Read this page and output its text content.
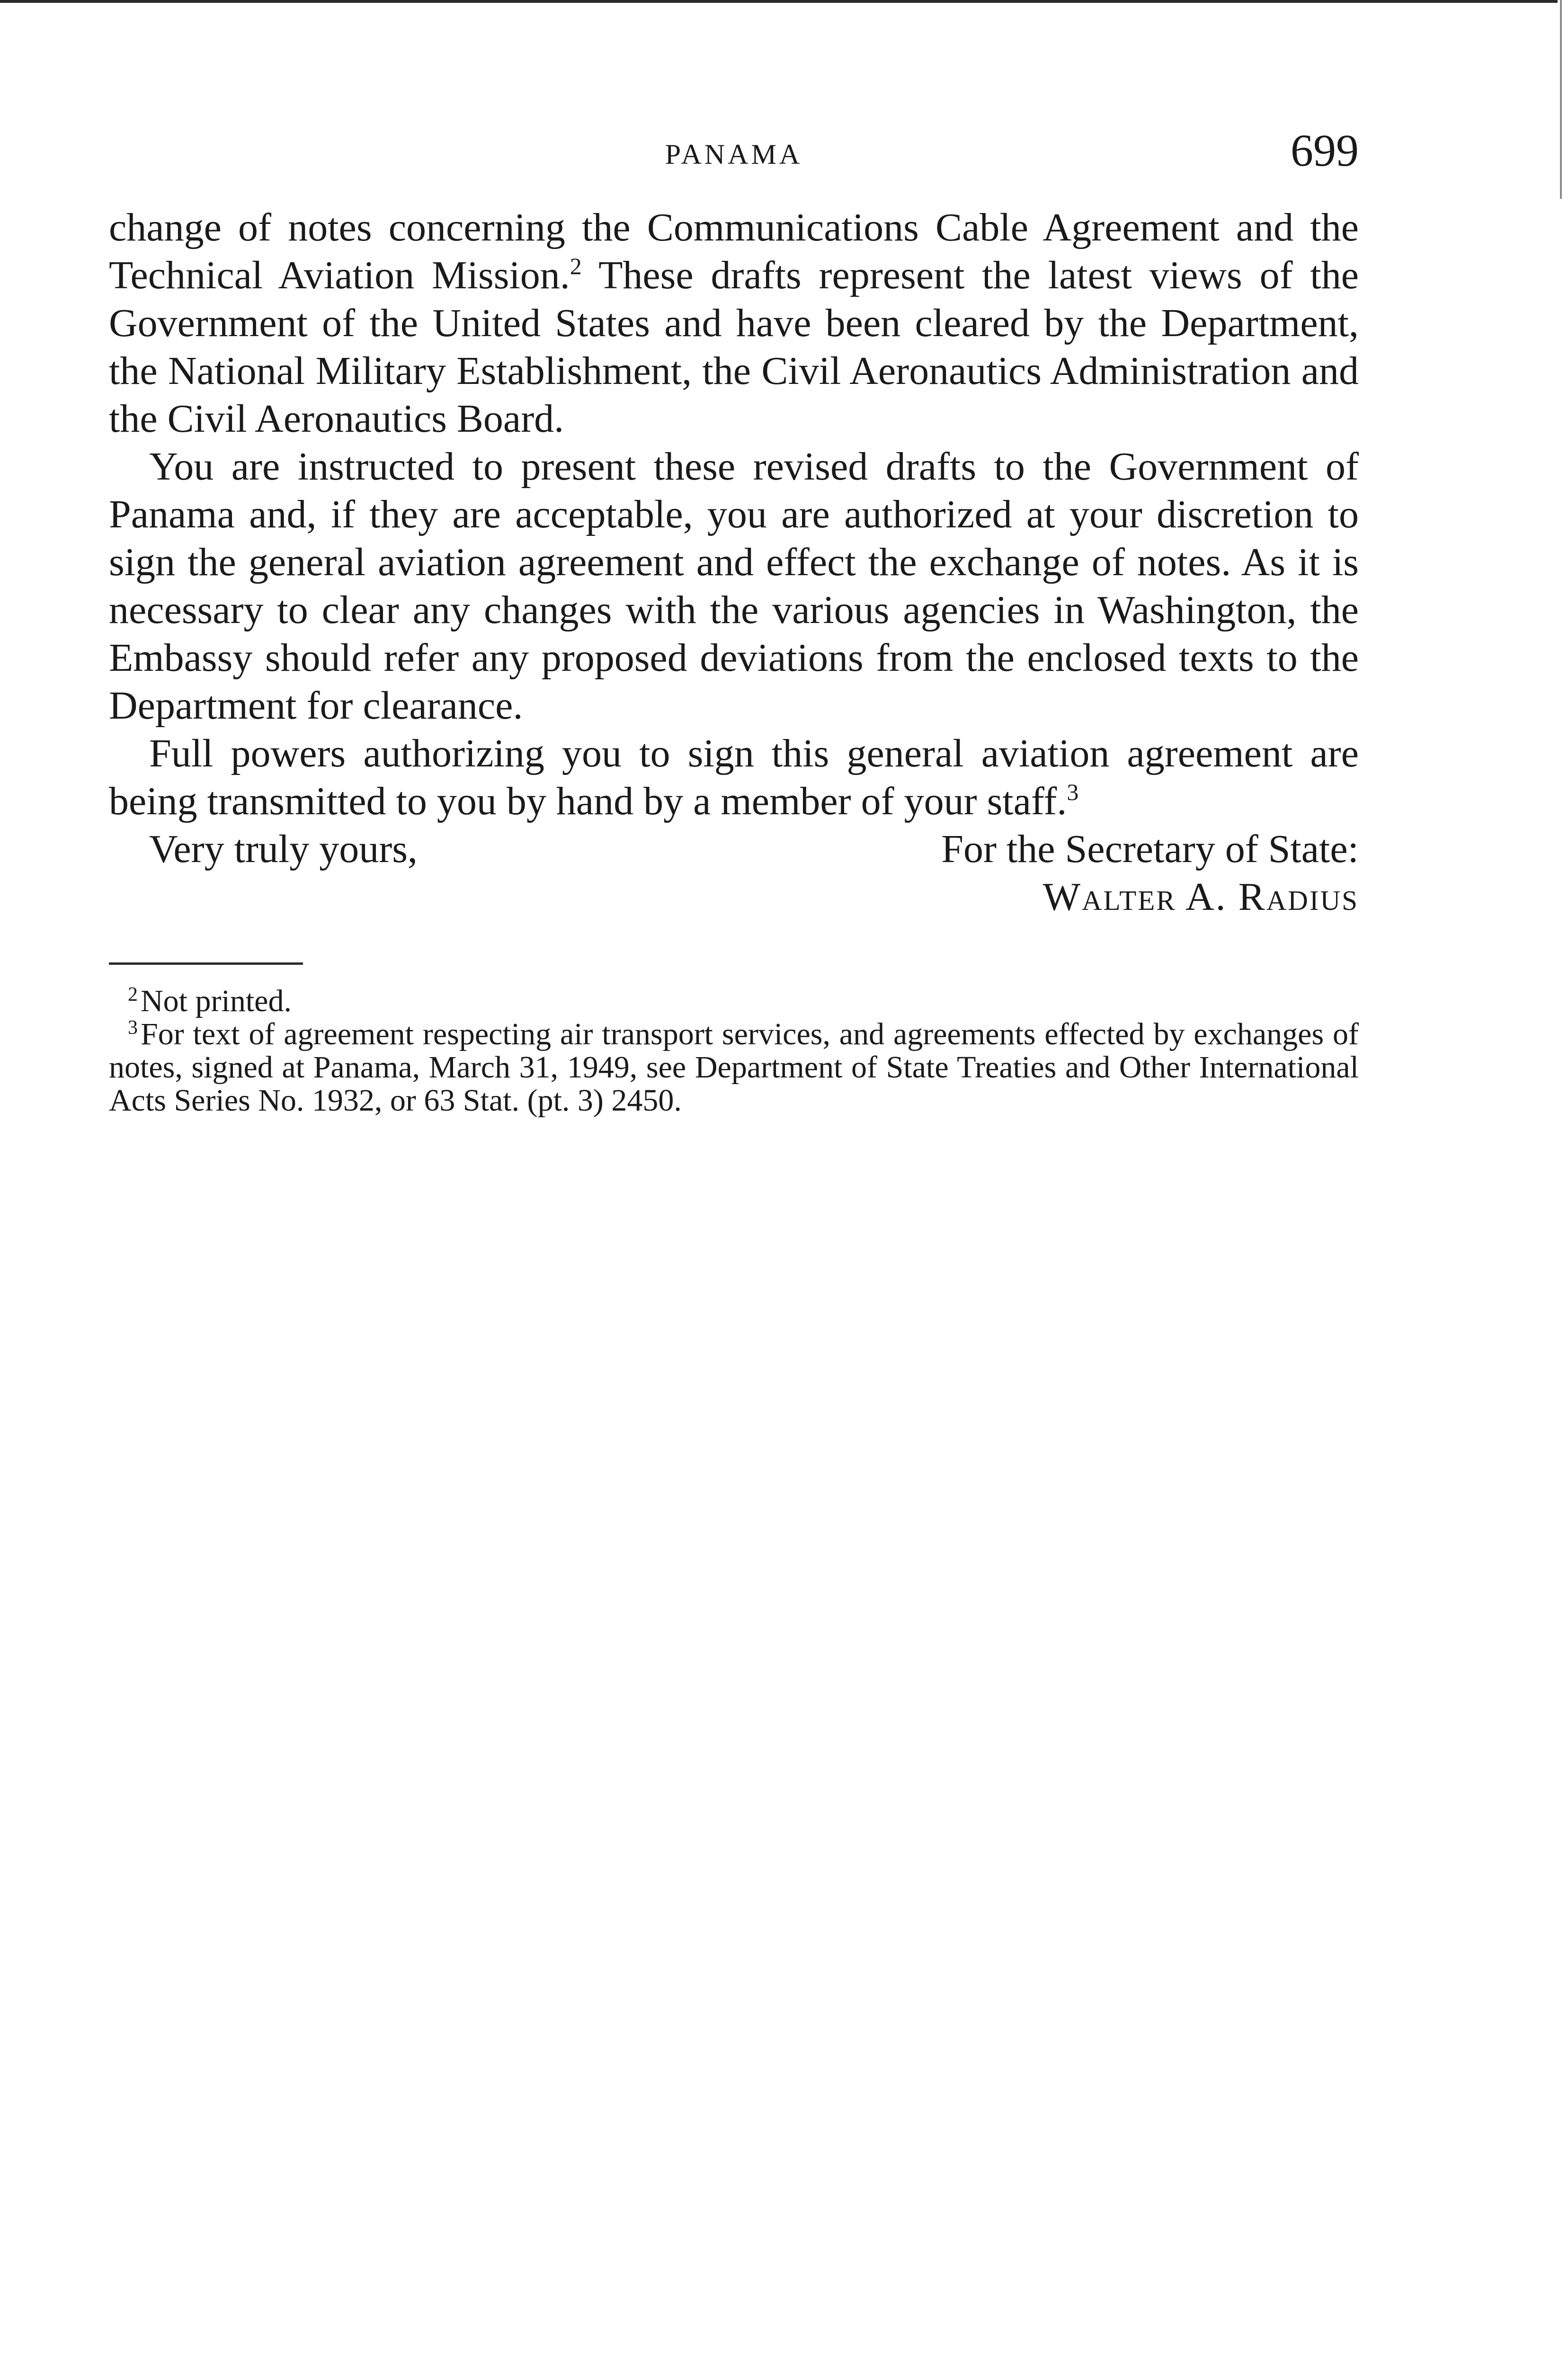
PANAMA	699

change of notes concerning the Communications Cable Agreement and the Technical Aviation Mission.$^2$ These drafts represent the latest views of the Government of the United States and have been cleared by the Department, the National Military Establishment, the Civil Aeronautics Administration and the Civil Aeronautics Board.

You are instructed to present these revised drafts to the Government of Panama and, if they are acceptable, you are authorized at your discretion to sign the general aviation agreement and effect the exchange of notes. As it is necessary to clear any changes with the various agencies in Washington, the Embassy should refer any proposed deviations from the enclosed texts to the Department for clearance.

Full powers authorizing you to sign this general aviation agreement are being transmitted to you by hand by a member of your staff.$^3$

Very truly yours,	For the Secretary of State:
Walter A. Radius

$^2$Not printed.

$^3$For text of agreement respecting air transport services, and agreements effected by exchanges of notes, signed at Panama, March 31, 1949, see Department of State Treaties and Other International Acts Series No. 1932, or 63 Stat. (pt. 3) 2450.
